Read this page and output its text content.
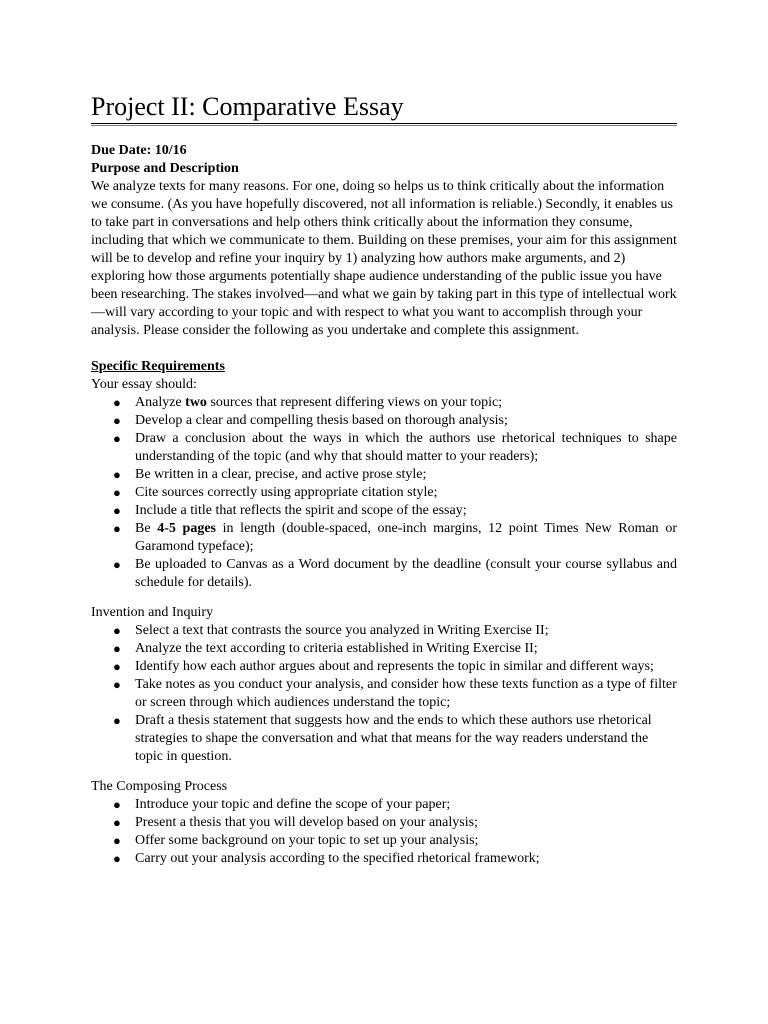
Project II: Comparative Essay

Due Date: 10/16

Purpose and Description

We analyze texts for many reasons. For one, doing so helps us to think critically about the information we consume. (As you have hopefully discovered, not all information is reliable.) Secondly, it enables us to take part in conversations and help others think critically about the information they consume, including that which we communicate to them. Building on these premises, your aim for this assignment will be to develop and refine your inquiry by 1) analyzing how authors make arguments, and 2) exploring how those arguments potentially shape audience understanding of the public issue you have been researching. The stakes involved—and what we gain by taking part in this type of intellectual work—will vary according to your topic and with respect to what you want to accomplish through your analysis. Please consider the following as you undertake and complete this assignment.

Specific Requirements

Your essay should:

● Analyze two sources that represent differing views on your topic;
● Develop a clear and compelling thesis based on thorough analysis;
● Draw a conclusion about the ways in which the authors use rhetorical techniques to shape understanding of the topic (and why that should matter to your readers);
● Be written in a clear, precise, and active prose style;
● Cite sources correctly using appropriate citation style;
● Include a title that reflects the spirit and scope of the essay;
● Be 4-5 pages in length (double-spaced, one-inch margins, 12 point Times New Roman or Garamond typeface);
● Be uploaded to Canvas as a Word document by the deadline (consult your course syllabus and schedule for details).

Invention and Inquiry

● Select a text that contrasts the source you analyzed in Writing Exercise II;
● Analyze the text according to criteria established in Writing Exercise II;
● Identify how each author argues about and represents the topic in similar and different ways;
● Take notes as you conduct your analysis, and consider how these texts function as a type of filter or screen through which audiences understand the topic;
● Draft a thesis statement that suggests how and the ends to which these authors use rhetorical strategies to shape the conversation and what that means for the way readers understand the topic in question.

The Composing Process

● Introduce your topic and define the scope of your paper;
● Present a thesis that you will develop based on your analysis;
● Offer some background on your topic to set up your analysis;
● Carry out your analysis according to the specified rhetorical framework;
